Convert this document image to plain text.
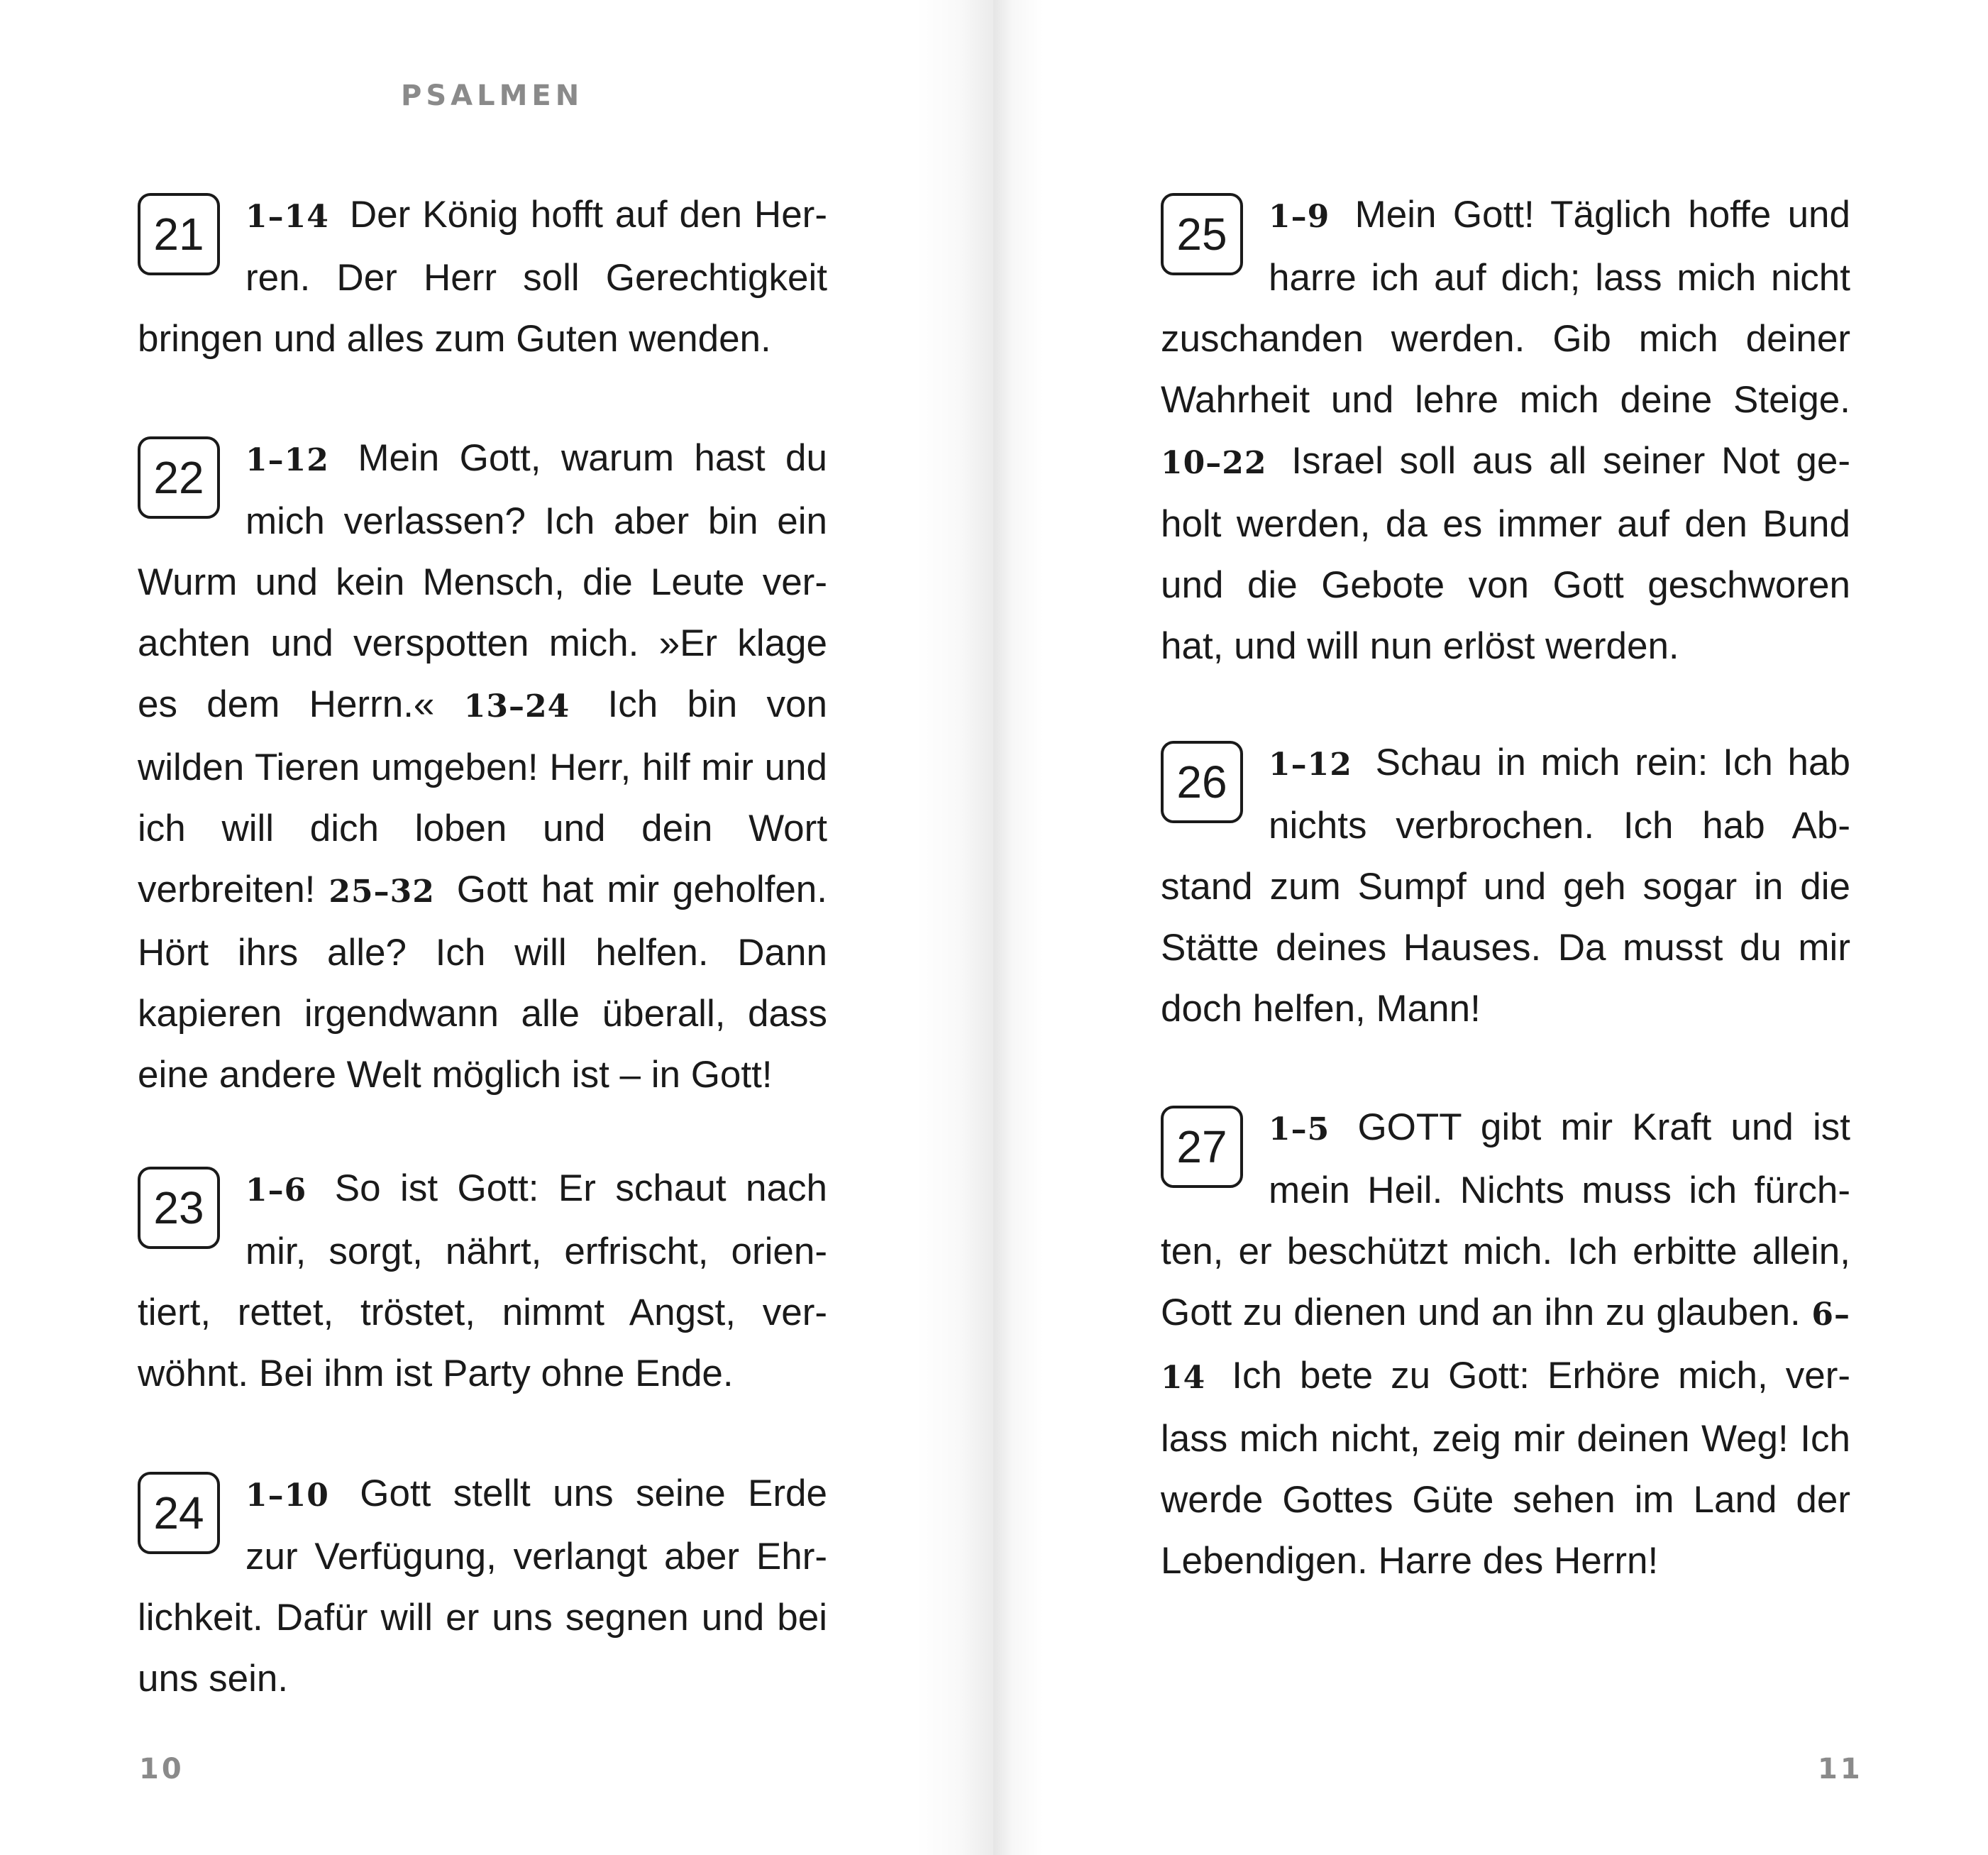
PSALMEN
21	1–14 Der König hofft auf den Herren. Der Herr soll Gerechtigkeit bringen und alles zum Guten wenden.
22	1–12 Mein Gott, warum hast du mich verlassen? Ich aber bin ein Wurm und kein Mensch, die Leute verachten und verspotten mich. »Er klage es dem Herrn.« 13–24 Ich bin von wilden Tieren umgeben! Herr, hilf mir und ich will dich loben und dein Wort verbreiten! 25–32 Gott hat mir geholfen. Hört ihrs alle? Ich will helfen. Dann kapieren irgendwann alle überall, dass eine andere Welt möglich ist – in Gott!
23	1–6 So ist Gott: Er schaut nach mir, sorgt, nährt, erfrischt, orientiert, rettet, tröstet, nimmt Angst, verwöhnt. Bei ihm ist Party ohne Ende.
24	1–10 Gott stellt uns seine Erde zur Verfügung, verlangt aber Ehrlichkeit. Dafür will er uns segnen und bei uns sein.
10
25	1–9 Mein Gott! Täglich hoffe und harre ich auf dich; lass mich nicht zuschanden werden. Gib mich deiner Wahrheit und lehre mich deine Steige. 10–22 Israel soll aus all seiner Not geholt werden, da es immer auf den Bund und die Gebote von Gott geschworen hat, und will nun erlöst werden.
26	1–12 Schau in mich rein: Ich hab nichts verbrochen. Ich hab Abstand zum Sumpf und geh sogar in die Stätte deines Hauses. Da musst du mir doch helfen, Mann!
27	1–5 GOTT gibt mir Kraft und ist mein Heil. Nichts muss ich fürchten, er beschützt mich. Ich erbitte allein, Gott zu dienen und an ihn zu glauben. 6–14 Ich bete zu Gott: Erhöre mich, verlass mich nicht, zeig mir deinen Weg! Ich werde Gottes Güte sehen im Land der Lebendigen. Harre des Herrn!
11
